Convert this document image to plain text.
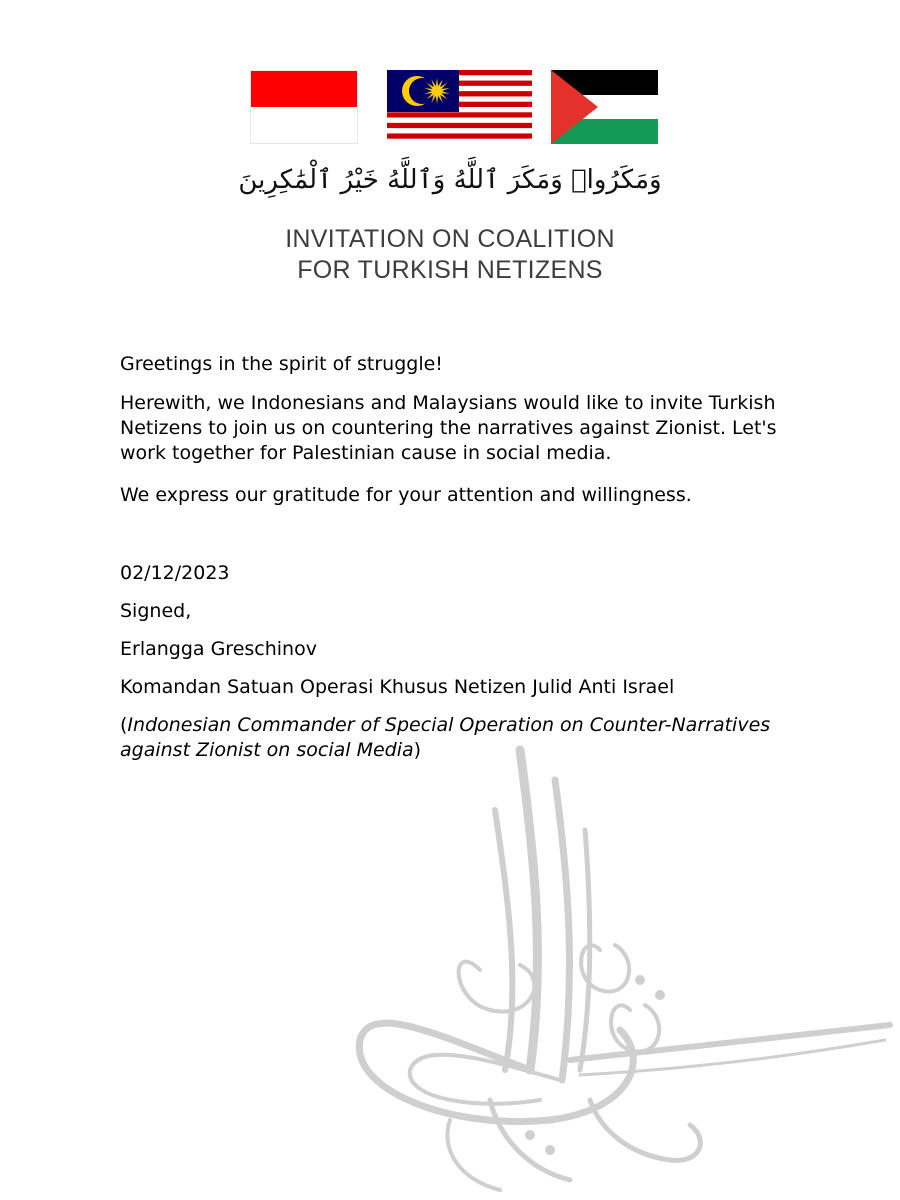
وَمَكَرُوا۟ وَمَكَرَ ٱللَّهُ وَٱللَّهُ خَيْرُ ٱلْمَٰكِرِينَ
INVITATION ON COALITION
FOR TURKISH NETIZENS
Greetings in the spirit of struggle!
Herewith, we Indonesians and Malaysians would like to invite Turkish Netizens to join us on countering the narratives against Zionist. Let's work together for Palestinian cause in social media.
We express our gratitude for your attention and willingness.
02/12/2023
Signed,
Erlangga Greschinov
Komandan Satuan Operasi Khusus Netizen Julid Anti Israel
(Indonesian Commander of Special Operation on Counter-Narratives against Zionist on social Media)
